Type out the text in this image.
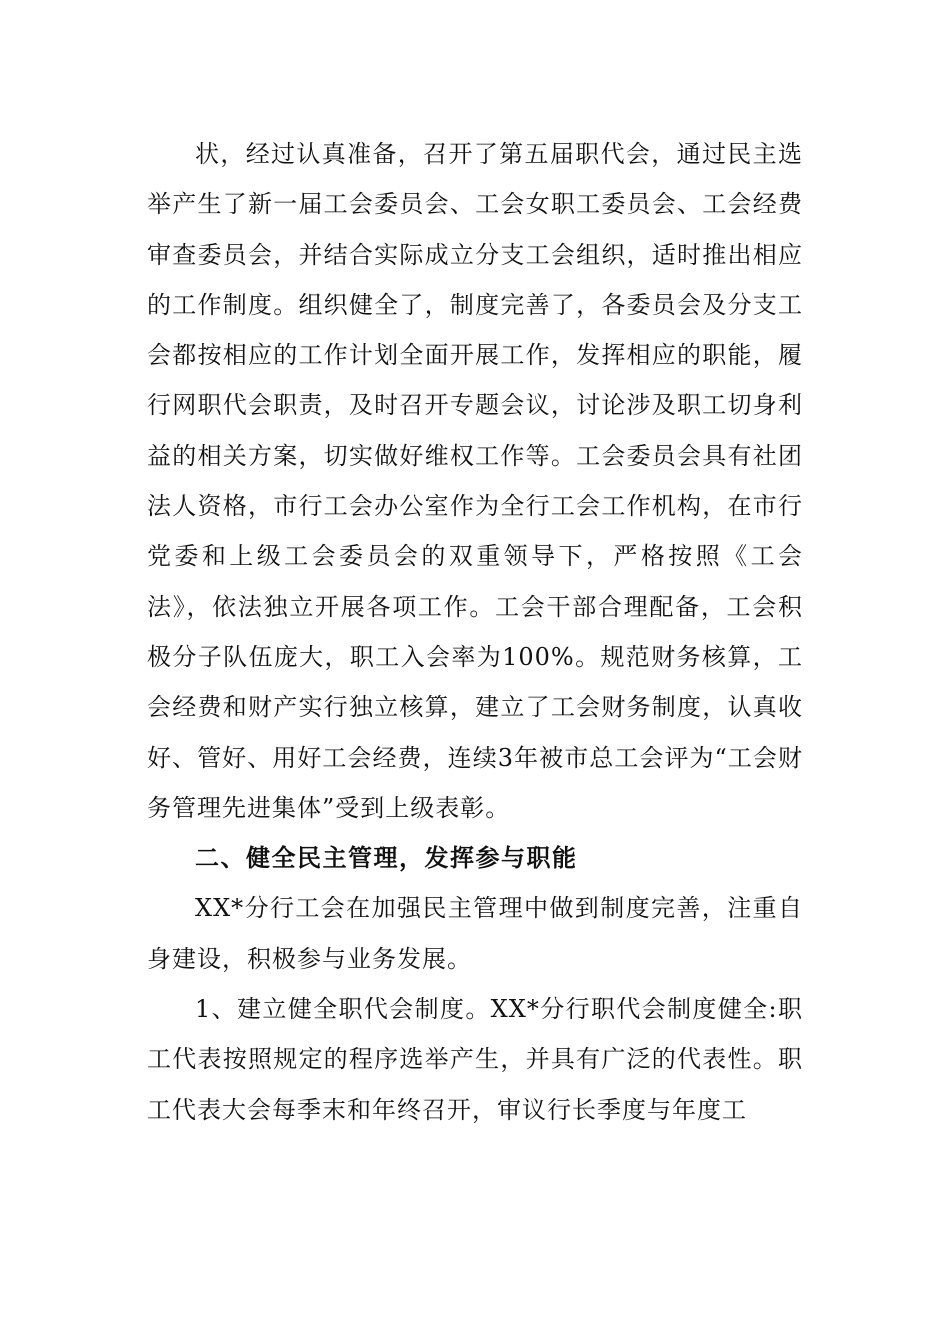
状，经过认真准备，召开了第五届职代会，通过民主选举产生了新一届工会委员会、工会女职工委员会、工会经费审查委员会，并结合实际成立分支工会组织，适时推出相应的工作制度。组织健全了，制度完善了，各委员会及分支工会都按相应的工作计划全面开展工作，发挥相应的职能，履行网职代会职责，及时召开专题会议，讨论涉及职工切身利益的相关方案，切实做好维权工作等。工会委员会具有社团法人资格，市行工会办公室作为全行工会工作机构，在市行党委和上级工会委员会的双重领导下，严格按照《工会法》，依法独立开展各项工作。工会干部合理配备，工会积极分子队伍庞大，职工入会率为100%。规范财务核算，工会经费和财产实行独立核算，建立了工会财务制度，认真收好、管好、用好工会经费，连续3年被市总工会评为“工会财务管理先进集体”受到上级表彰。

二、健全民主管理，发挥参与职能

XX*分行工会在加强民主管理中做到制度完善，注重自身建设，积极参与业务发展。

1、建立健全职代会制度。XX*分行职代会制度健全:职工代表按照规定的程序选举产生，并具有广泛的代表性。职工代表大会每季末和年终召开，审议行长季度与年度工
